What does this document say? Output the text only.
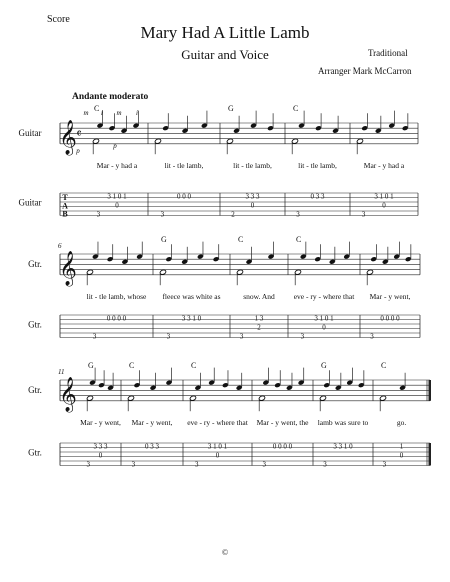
Score
Mary Had A Little Lamb
Guitar and Voice	Traditional
Arranger Mark McCarron
Andante moderato
Guitar
Guitar
𝄞 𝄴
T
A
B
m i m i
p
p
C
Mar - y had a
3 1 0 1
0
3
lit - tle lamb,
0 0 0
3
G
lit - tle lamb,
3 3 3
0
2
C
lit - tle lamb,
0 3 3
3
Mar - y had a
3 1 0 1
0
3
Gtr.
Gtr.
6
𝄞
lit - tle lamb, whose
0 0 0 0
3
G
fleece was white as
3 3 1 0
3
C
snow. And
1 3
2
3
C
eve - ry - where that
3 1 0 1
0
3
Mar - y went,
0 0 0 0
3
Gtr.
Gtr.
11
𝄞
G
Mar - y went,
3 3 3
0
3
C
Mar - y went,
0 3 3
3
C
eve - ry - where that
3 1 0 1
0
3
Mar - y went, the
0 0 0 0
3
G
lamb was sure to
3 3 1 0
3
C
go.
1
0
3
©
